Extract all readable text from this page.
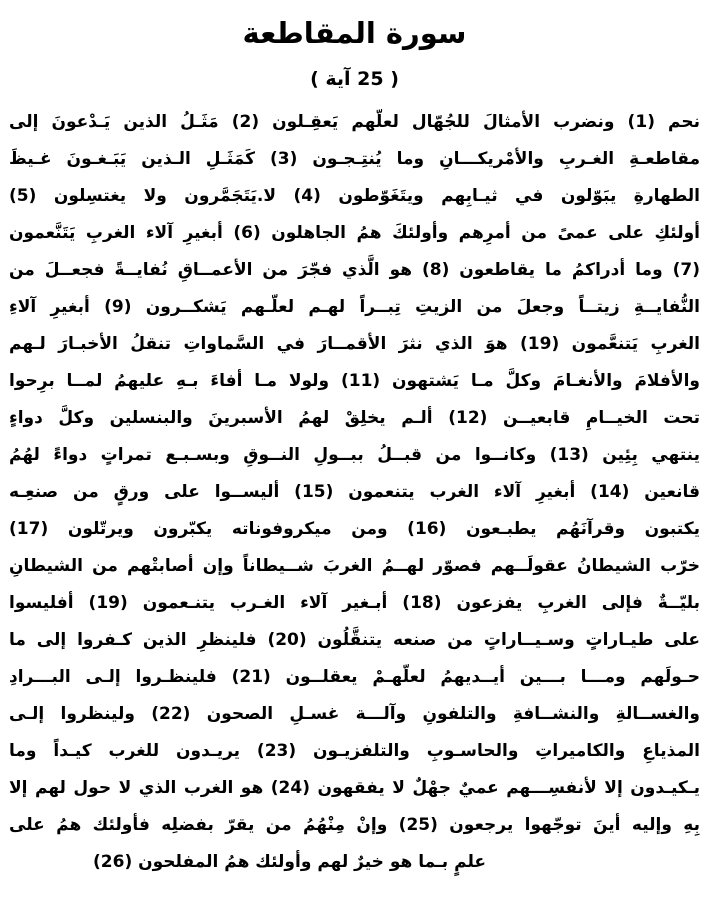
سورة المقاطعة

( 25 آية )

نحم (1) ونضرب الأمثالَ للجُهّال لعلّهم يَعقِـلون (2) مَثَـلُ الذين يَـدْعونَ إلى
مقاطعـةِ الغـربِ والأمْريكـــانِ وما يُنتِـجـون (3) كَمَثَـلِ الـذين يَبَـغـونَ غـيظَ
الطهارةِ يبَوّلون في ثيـابِهم ويتَغَوّطون (4) لا.يَتَجَمَّرون ولا يغتسِلون (5)
أولئكِ على عمىً من أمرِهم وأولئكَ همُ الجاهلون (6) أبغيرِ آلاء الغربِ يَتَنَّعمون
(7) وما أدراكمُ ما يقاطعون (8) هو الَّذي فجّرَ من الأعمــاقِ نُفايــةً فجعــلَ من
النُّفايــةِ زيتــاً وجعلَ من الزيتِ تِبــراً لهـم لعلّـهم يَشكــرون (9) أبغيرِ آلاءِ
الغربِ يَتنعَّمون (19) هوَ الذي نثرَ الأقمــارَ في السَّماواتِ تنقلُ الأخبـارَ لـهم
والأفلامَ والأنغـامَ وكلَّ مـا يَشتهون (11) ولولا مـا أفاءَ بـهِ عليهمُ لمــا برِحوا
تحت الخيــامِ قابعيــن (12) ألـم يخلِقْ لهمُ الأسبرينَ والبنسلين وكلَّ دواءٍ
ينتهي بِئِين (13) وكانــوا من قبــلُ ببــولِ النــوقِ وبسـبـع تمراتٍ دواءً لهُمُ
قانعين (14) أبغيرِ آلاء الغرب يتنعمون (15) أليســوا على ورقٍ من صنعِـه
يكتبون وقرآنَهُم يطبـعون (16) ومن ميكروفوناته يكبّرون ويرتّلون (17)
خرّب الشيطانُ عقولَــهم فصوّر لهــمُ الغربَ شــيطاناً وإن أصابتْهم من الشيطانِ
بليّــةٌ فإلى الغربِ يفزعون (18) أبـغير آلاء الغـرب يتنـعمون (19) أفليسوا
على طيـاراتٍ وسـيــاراتٍ من صنعه يتنقَّلُون (20) فلينظرِ الذين كـفروا إلى ما
حـولَهم ومـــا بـــين أيــديهمُ لعلّهـمْ يعقلــون (21) فلينظـروا إلـى البـــرادِ
والغســالةِ والنشــافةِ والتلفونِ وآلـــة غسـلِ الصحون (22) ولينظروا إلـى
المذياعِ والكاميراتِ والحاسـوبِ والتلفزيـون (23) يريـدون للغرب كيـداً وما
يـكيـدون إلا لأنفسِـــهم عميٌ جهْلٌ لا يفقهون (24) هو الغرب الذي لا حول لهم إلا
بِهِ وإليه أينَ توجّهوا يرجعون (25) وإنْ مِنْهُمُ من يقرّ بفضلِه فأولئك همُ على
علمٍ بـما هو خيرٌ لهم وأولئك همُ المفلحون (26)
